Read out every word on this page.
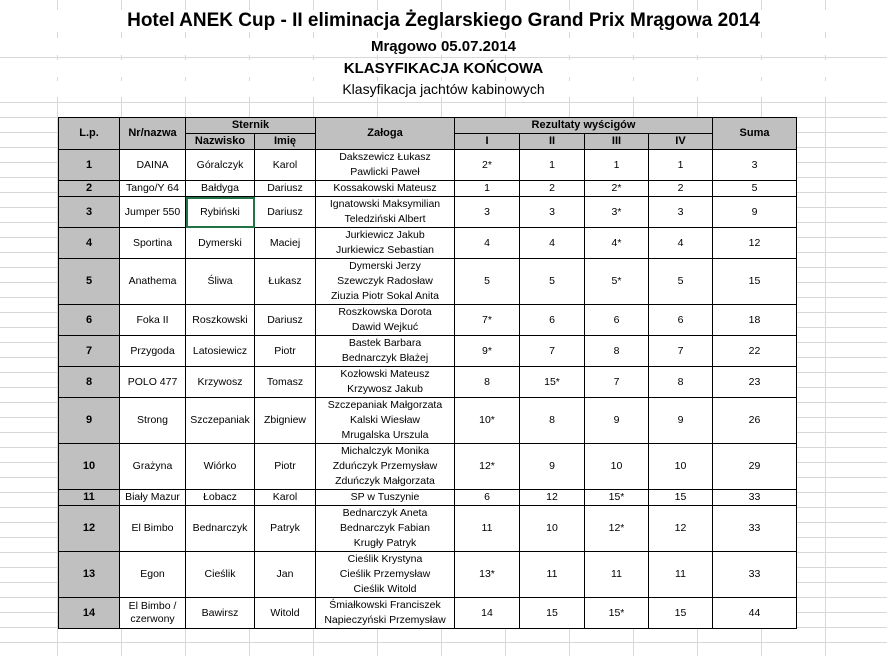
Hotel ANEK Cup - II eliminacja Żeglarskiego Grand Prix Mrągowa 2014
Mrągowo 05.07.2014
KLASYFIKACJA KOŃCOWA
Klasyfikacja jachtów kabinowych
L.p.	Nr/nazwa	Sternik		Załoga	Rezultaty wyścigów				Suma
		Nazwisko	Imię		I	II	III	IV	
1	DAINA	Góralczyk	Karol	Dakszewicz Łukasz
Pawlicki Paweł	2*	1	1	1	3
2	Tango/Y 64	Bałdyga	Dariusz	Kossakowski Mateusz	1	2	2*	2	5
3	Jumper 550	Rybiński	Dariusz	Ignatowski Maksymilian
Teledziński Albert	3	3	3*	3	9
4	Sportina	Dymerski	Maciej	Jurkiewicz Jakub
Jurkiewicz Sebastian	4	4	4*	4	12
5	Anathema	Śliwa	Łukasz	Dymerski Jerzy
Szewczyk Radosław
Ziuzia Piotr Sokal Anita	5	5	5*	5	15
6	Foka II	Roszkowski	Dariusz	Roszkowska Dorota
Dawid Wejkuć	7*	6	6	6	18
7	Przygoda	Latosiewicz	Piotr	Bastek Barbara
Bednarczyk Błażej	9*	7	8	7	22
8	POLO 477	Krzywosz	Tomasz	Kozłowski Mateusz
Krzywosz Jakub	8	15*	7	8	23
9	Strong	Szczepaniak	Zbigniew	Szczepaniak Małgorzata
Kalski Wiesław
Mrugalska Urszula	10*	8	9	9	26
10	Grażyna	Wiórko	Piotr	Michalczyk Monika
Zduńczyk Przemysław
Zduńczyk Małgorzata	12*	9	10	10	29
11	Biały Mazur	Łobacz	Karol	SP w Tuszynie	6	12	15*	15	33
12	El Bimbo	Bednarczyk	Patryk	Bednarczyk Aneta
Bednarczyk Fabian
Krugły Patryk	11	10	12*	12	33
13	Egon	Cieślik	Jan	Cieślik Krystyna
Cieślik Przemysław
Cieślik Witold	13*	11	11	11	33
14	El Bimbo / czerwony	Bawirsz	Witold	Śmiałkowski Franciszek
Napieczyński Przemysław	14	15	15*	15	44
